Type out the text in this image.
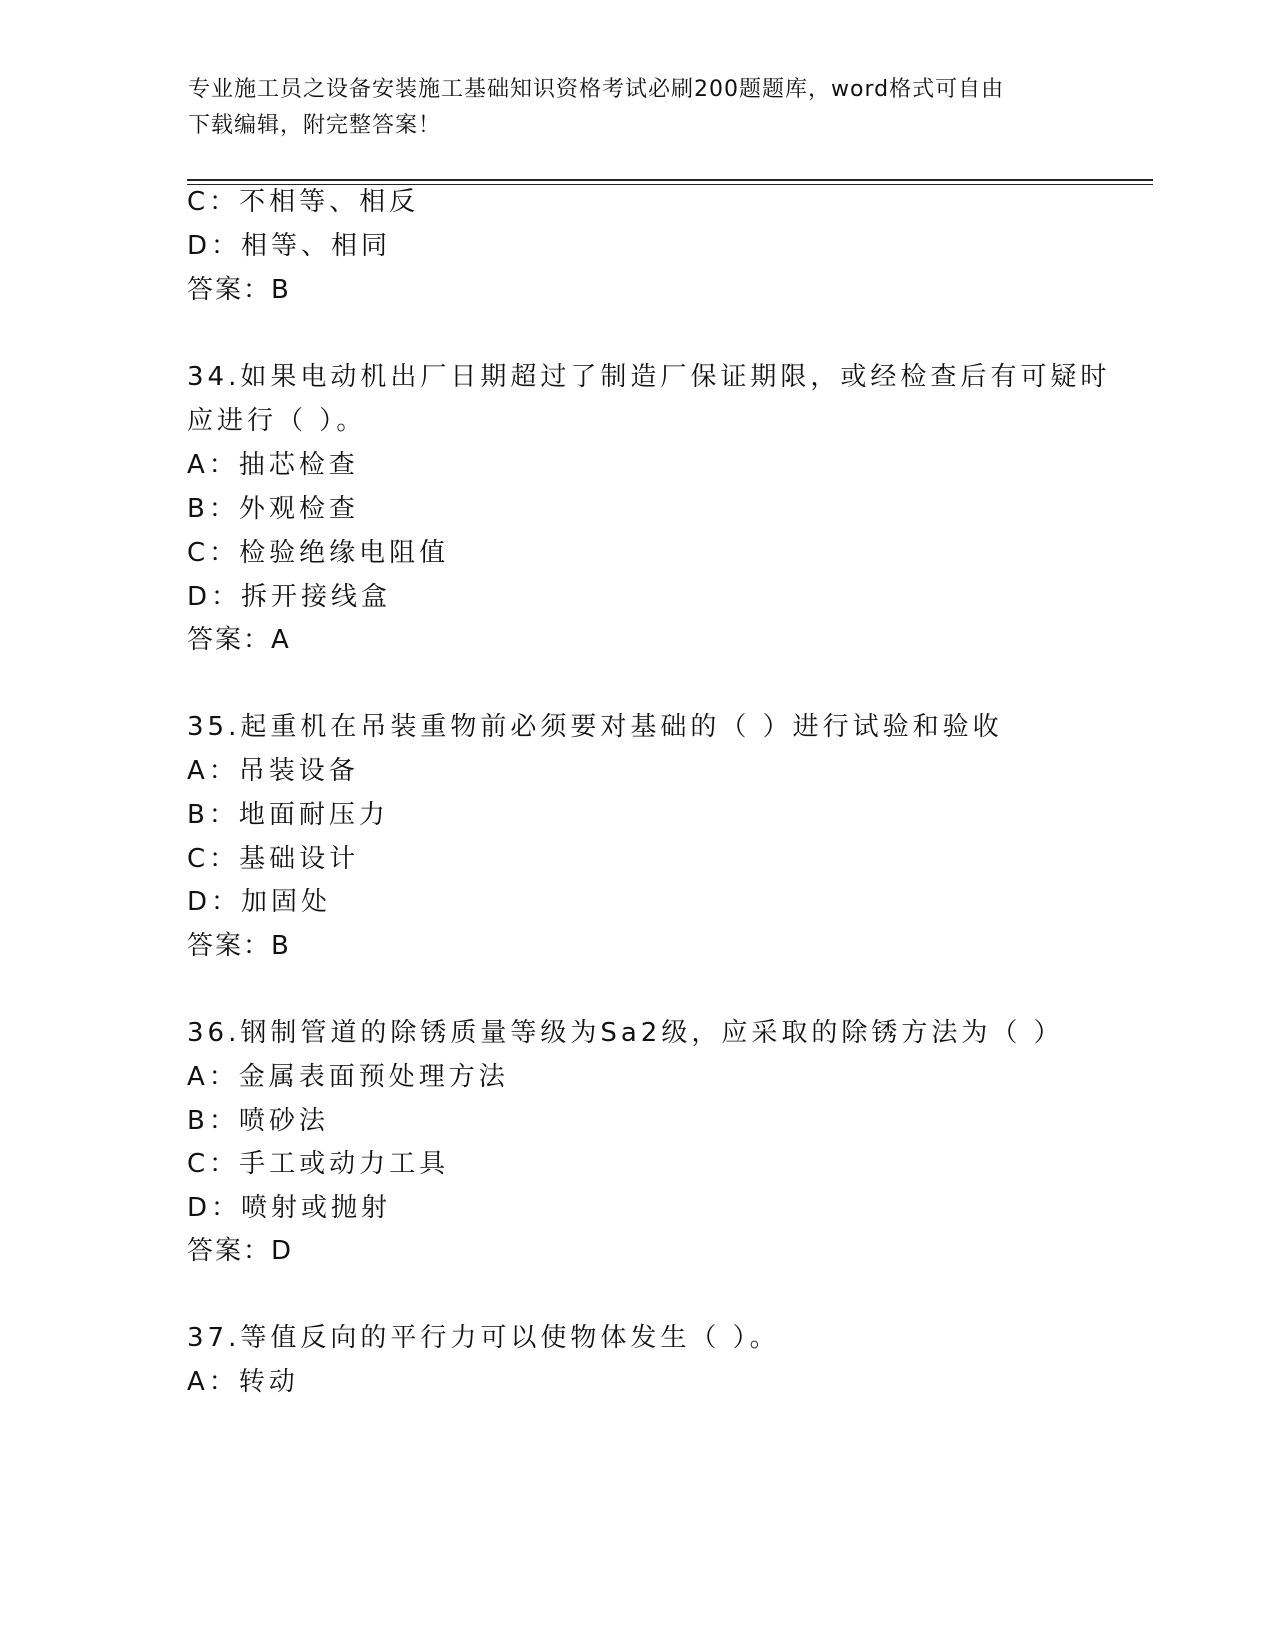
专业施工员之设备安装施工基础知识资格考试必刷200题题库，word格式可自由
下载编辑，附完整答案！
C：不相等、相反
D：相等、相同
答案：B
34.如果电动机出厂日期超过了制造厂保证期限，或经检查后有可疑时
应进行（ ）。
A：抽芯检查
B：外观检查
C：检验绝缘电阻值
D：拆开接线盒
答案：A
35.起重机在吊装重物前必须要对基础的（ ）进行试验和验收
A：吊装设备
B：地面耐压力
C：基础设计
D：加固处
答案：B
36.钢制管道的除锈质量等级为Sa2级，应采取的除锈方法为（ ）
A：金属表面预处理方法
B：喷砂法
C：手工或动力工具
D：喷射或抛射
答案：D
37.等值反向的平行力可以使物体发生（ ）。
A：转动
